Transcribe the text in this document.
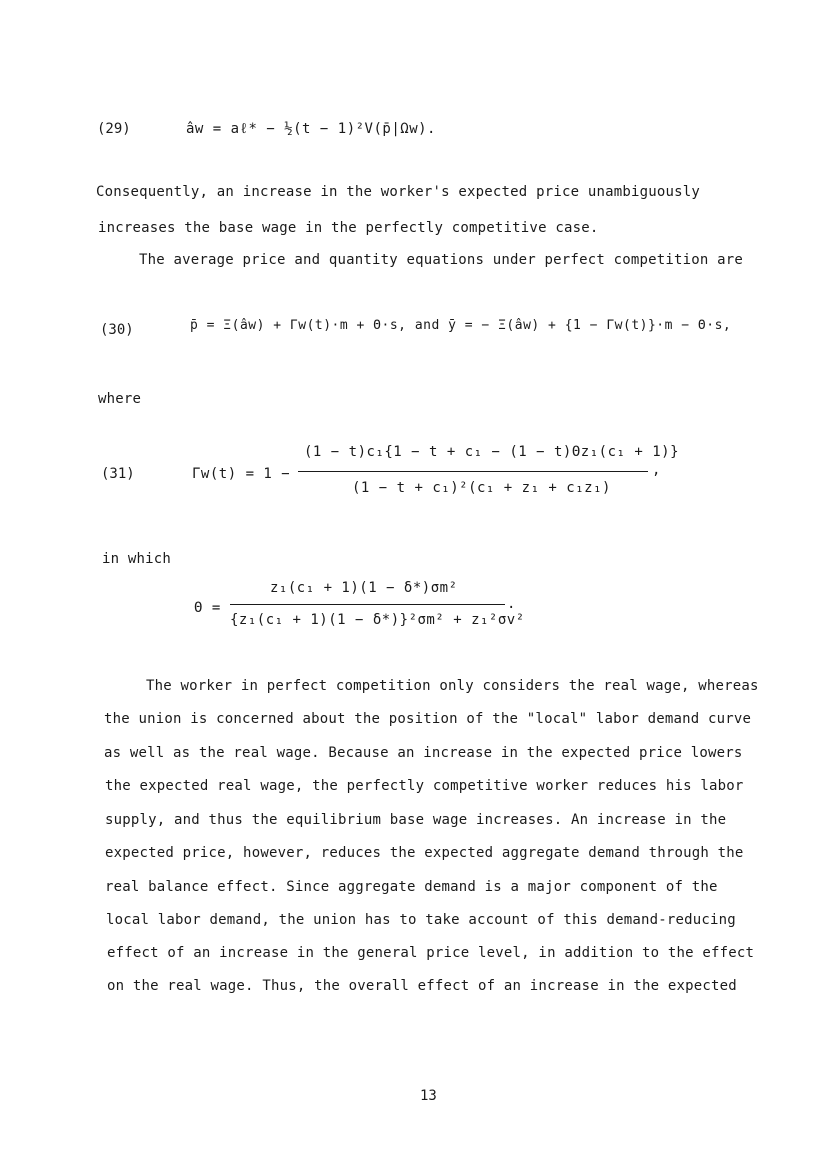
(29)	âw = aℓ* − ½(t − 1)²V(p̄|Ωw).
Consequently, an increase in the worker's expected price unambiguously
increases the base wage in the perfectly competitive case.
The average price and quantity equations under perfect competition are
(30)	p̄ = Ξ(âw) + Γw(t)·m + Θ·s, and ȳ = − Ξ(âw) + {1 − Γw(t)}·m − Θ·s,
where
(31)	Γw(t) = 1 −
(1 − t)c₁{1 − t + c₁ − (1 − t)Θz₁(c₁ + 1)}
(1 − t + c₁)²(c₁ + z₁ + c₁z₁)
,
in which
Θ =
z₁(c₁ + 1)(1 − δ*)σm²
{z₁(c₁ + 1)(1 − δ*)}²σm² + z₁²σv²
.
The worker in perfect competition only considers the real wage, whereas
the union is concerned about the position of the "local" labor demand curve
as well as the real wage. Because an increase in the expected price lowers
the expected real wage, the perfectly competitive worker reduces his labor
supply, and thus the equilibrium base wage increases. An increase in the
expected price, however, reduces the expected aggregate demand through the
real balance effect. Since aggregate demand is a major component of the
local labor demand, the union has to take account of this demand-reducing
effect of an increase in the general price level, in addition to the effect
on the real wage. Thus, the overall effect of an increase in the expected
13
